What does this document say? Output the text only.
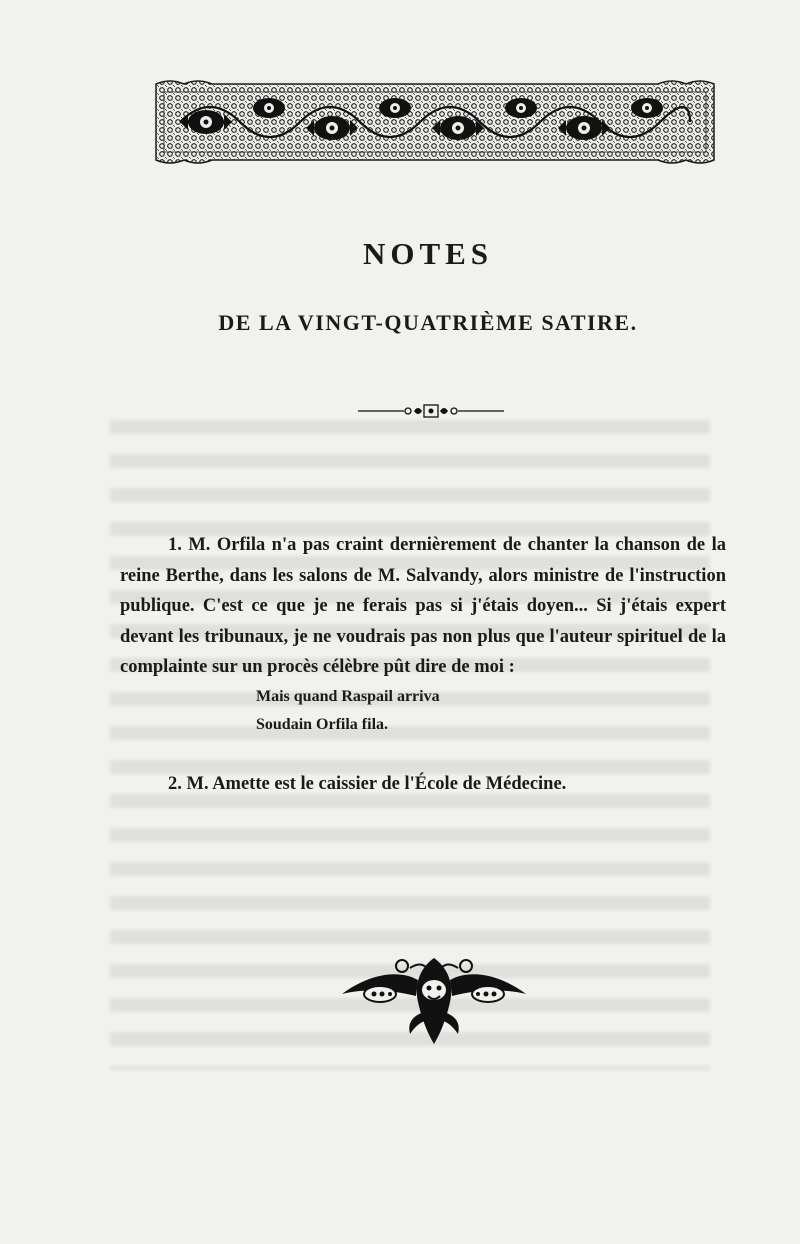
NOTES
DE LA VINGT-QUATRIÈME SATIRE.

1. M. Orfila n'a pas craint dernièrement de chanter la chanson de la reine Berthe, dans les salons de M. Salvandy, alors ministre de l'instruction publique. C'est ce que je ne ferais pas si j'étais doyen... Si j'étais expert devant les tribunaux, je ne voudrais pas non plus que l'auteur spirituel de la complainte sur un procès célèbre pût dire de moi :

Mais quand Raspail arriva
Soudain Orfila fila.

2. M. Amette est le caissier de l'École de Médecine.
